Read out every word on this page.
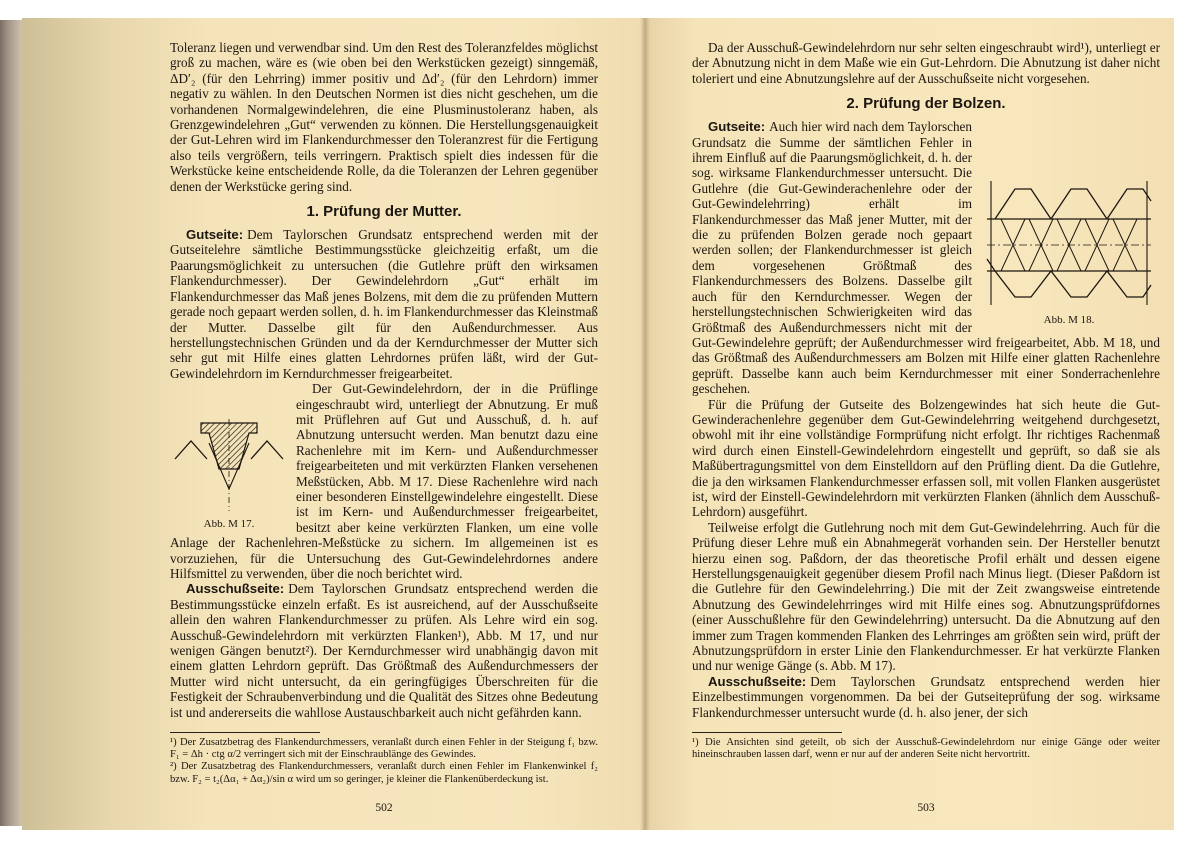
Toleranz liegen und verwendbar sind. Um den Rest des Toleranzfeldes möglichst groß zu machen, wäre es (wie oben bei den Werkstücken gezeigt) sinngemäß, ΔD′₂ (für den Lehrring) immer positiv und Δd′₂ (für den Lehrdorn) immer negativ zu wählen. In den Deutschen Normen ist dies nicht geschehen, um die vorhandenen Normalgewindelehren, die eine Plusminustoleranz haben, als Grenzgewindelehren „Gut“ verwenden zu können. Die Herstellungsgenauigkeit der Gut-Lehren wird im Flankendurchmesser den Toleranzrest für die Fertigung also teils vergrößern, teils verringern. Praktisch spielt dies indessen für die Werkstücke keine entscheidende Rolle, da die Toleranzen der Lehren gegenüber denen der Werkstücke gering sind.

1. Prüfung der Mutter.

Gutseite: Dem Taylorschen Grundsatz entsprechend werden mit der Gutseitelehre sämtliche Bestimmungsstücke gleichzeitig erfaßt, um die Paarungsmöglichkeit zu untersuchen (die Gutlehre prüft den wirksamen Flankendurchmesser). Der Gewindelehrdorn „Gut“ erhält im Flankendurchmesser das Maß jenes Bolzens, mit dem die zu prüfenden Muttern gerade noch gepaart werden sollen, d. h. im Flankendurchmesser das Kleinstmaß der Mutter. Dasselbe gilt für den Außendurchmesser. Aus herstellungstechnischen Gründen und da der Kerndurchmesser der Mutter sich sehr gut mit Hilfe eines glatten Lehrdornes prüfen läßt, wird der Gut-Gewindelehrdorn im Kerndurchmesser freigearbeitet.

Abb. M 17.

Der Gut-Gewindelehrdorn, der in die Prüflinge eingeschraubt wird, unterliegt der Abnutzung. Er muß mit Prüflehren auf Gut und Ausschuß, d. h. auf Abnutzung untersucht werden. Man benutzt dazu eine Rachenlehre mit im Kern- und Außendurchmesser freigearbeiteten und mit verkürzten Flanken versehenen Meßstücken, Abb. M 17. Diese Rachenlehre wird nach einer besonderen Einstellgewindelehre eingestellt. Diese ist im Kern- und Außendurchmesser freigearbeitet, besitzt aber keine verkürzten Flanken, um eine volle Anlage der Rachenlehren-Meßstücke zu sichern. Im allgemeinen ist es vorzuziehen, für die Untersuchung des Gut-Gewindelehrdornes andere Hilfsmittel zu verwenden, über die noch berichtet wird.

Ausschußseite: Dem Taylorschen Grundsatz entsprechend werden die Bestimmungsstücke einzeln erfaßt. Es ist ausreichend, auf der Ausschußseite allein den wahren Flankendurchmesser zu prüfen. Als Lehre wird ein sog. Ausschuß-Gewindelehrdorn mit verkürzten Flanken¹), Abb. M 17, und nur wenigen Gängen benutzt²). Der Kerndurchmesser wird unabhängig davon mit einem glatten Lehrdorn geprüft. Das Größtmaß des Außendurchmessers der Mutter wird nicht untersucht, da ein geringfügiges Überschreiten für die Festigkeit der Schraubenverbindung und die Qualität des Sitzes ohne Bedeutung ist und andererseits die wahllose Austauschbarkeit auch nicht gefährden kann.

¹) Der Zusatzbetrag des Flankendurchmessers, veranlaßt durch einen Fehler in der Steigung f₁ bzw. F₁ = Δh · ctg α/2 verringert sich mit der Einschraublänge des Gewindes.

²) Der Zusatzbetrag des Flankendurchmessers, veranlaßt durch einen Fehler im Flankenwinkel f₂ bzw. F₂ = t₂(Δα₁ + Δα₂)/sin α wird um so geringer, je kleiner die Flankenüberdeckung ist.

502

Da der Ausschuß-Gewindelehrdorn nur sehr selten eingeschraubt wird¹), unterliegt er der Abnutzung nicht in dem Maße wie ein Gut-Lehrdorn. Die Abnutzung ist daher nicht toleriert und eine Abnutzungslehre auf der Ausschußseite nicht vorgesehen.

2. Prüfung der Bolzen.
Abb. M 18.

Gutseite: Auch hier wird nach dem Taylorschen Grundsatz die Summe der sämtlichen Fehler in ihrem Einfluß auf die Paarungsmöglichkeit, d. h. der sog. wirksame Flankendurchmesser untersucht. Die Gutlehre (die Gut-Gewinderachenlehre oder der Gut-Gewindelehrring) erhält im Flankendurchmesser das Maß jener Mutter, mit der die zu prüfenden Bolzen gerade noch gepaart werden sollen; der Flankendurchmesser ist gleich dem vorgesehenen Größtmaß des Flankendurchmessers des Bolzens. Dasselbe gilt auch für den Kerndurchmesser. Wegen der herstellungstechnischen Schwierigkeiten wird das Größtmaß des Außendurchmessers nicht mit der Gut-Gewindelehre geprüft; der Außendurchmesser wird freigearbeitet, Abb. M 18, und das Größtmaß des Außendurchmessers am Bolzen mit Hilfe einer glatten Rachenlehre geprüft. Dasselbe kann auch beim Kerndurchmesser mit einer Sonderrachenlehre geschehen.

Für die Prüfung der Gutseite des Bolzengewindes hat sich heute die Gut-Gewinderachenlehre gegenüber dem Gut-Gewindelehrring weitgehend durchgesetzt, obwohl mit ihr eine vollständige Formprüfung nicht erfolgt. Ihr richtiges Rachenmaß wird durch einen Einstell-Gewindelehrdorn eingestellt und geprüft, so daß sie als Maßübertragungsmittel von dem Einstelldorn auf den Prüfling dient. Da die Gutlehre, die ja den wirksamen Flankendurchmesser erfassen soll, mit vollen Flanken ausgerüstet ist, wird der Einstell-Gewindelehrdorn mit verkürzten Flanken (ähnlich dem Ausschuß-Lehrdorn) ausgeführt.

Teilweise erfolgt die Gutlehrung noch mit dem Gut-Gewindelehrring. Auch für die Prüfung dieser Lehre muß ein Abnahmegerät vorhanden sein. Der Hersteller benutzt hierzu einen sog. Paßdorn, der das theoretische Profil erhält und dessen eigene Herstellungsgenauigkeit gegenüber diesem Profil nach Minus liegt. (Dieser Paßdorn ist die Gutlehre für den Gewindelehrring.) Die mit der Zeit zwangsweise eintretende Abnutzung des Gewindelehrringes wird mit Hilfe eines sog. Abnutzungsprüfdornes (einer Ausschußlehre für den Gewindelehrring) untersucht. Da die Abnutzung auf den immer zum Tragen kommenden Flanken des Lehrringes am größten sein wird, prüft der Abnutzungsprüfdorn in erster Linie den Flankendurchmesser. Er hat verkürzte Flanken und nur wenige Gänge (s. Abb. M 17).

Ausschußseite: Dem Taylorschen Grundsatz entsprechend werden hier Einzelbestimmungen vorgenommen. Da bei der Gutseiteprüfung der sog. wirksame Flankendurchmesser untersucht wurde (d. h. also jener, der sich

¹) Die Ansichten sind geteilt, ob sich der Ausschuß-Gewindelehrdorn nur einige Gänge oder weiter hineinschrauben lassen darf, wenn er nur auf der anderen Seite nicht hervortritt.

503
